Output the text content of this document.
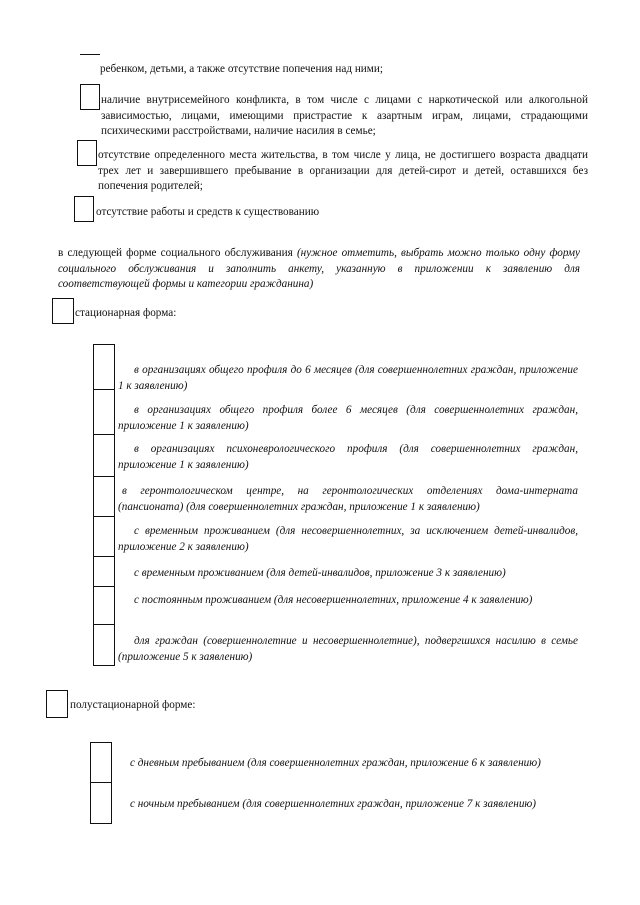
ребенком, детьми, а также отсутствие попечения над ними;
наличие внутрисемейного конфликта, в том числе с лицами с наркотической или алкогольной зависимостью, лицами, имеющими пристрастие к азартным играм, лицами, страдающими психическими расстройствами, наличие насилия в семье;
отсутствие определенного места жительства, в том числе у лица, не достигшего возраста двадцати трех лет и завершившего пребывание в организации для детей-сирот и детей, оставшихся без попечения родителей;
отсутствие работы и средств к существованию
в следующей форме социального обслуживания (нужное отметить, выбрать можно только одну форму социального обслуживания и заполнить анкету, указанную в приложении к заявлению для соответствующей формы и категории гражданина)
стационарная форма:
в организациях общего профиля до 6 месяцев (для совершеннолетних граждан, приложение 1 к заявлению)
в организациях общего профиля более 6 месяцев (для совершеннолетних граждан, приложение 1 к заявлению)
в организациях психоневрологического профиля (для совершеннолетних граждан, приложение 1 к заявлению)
в геронтологическом центре, на геронтологических отделениях дома-интерната (пансионата) (для совершеннолетних граждан, приложение 1 к заявлению)
с временным проживанием (для несовершеннолетних, за исключением детей-инвалидов, приложение 2 к заявлению)
с временным проживанием (для детей-инвалидов, приложение 3 к заявлению)
с постоянным проживанием (для несовершеннолетних, приложение 4 к заявлению)
для граждан (совершеннолетние и несовершеннолетние), подвергшихся насилию в семье (приложение 5 к заявлению)
полустационарной форме:
с дневным пребыванием (для совершеннолетних граждан, приложение 6 к заявлению)
с ночным пребыванием (для совершеннолетних граждан, приложение 7 к заявлению)
